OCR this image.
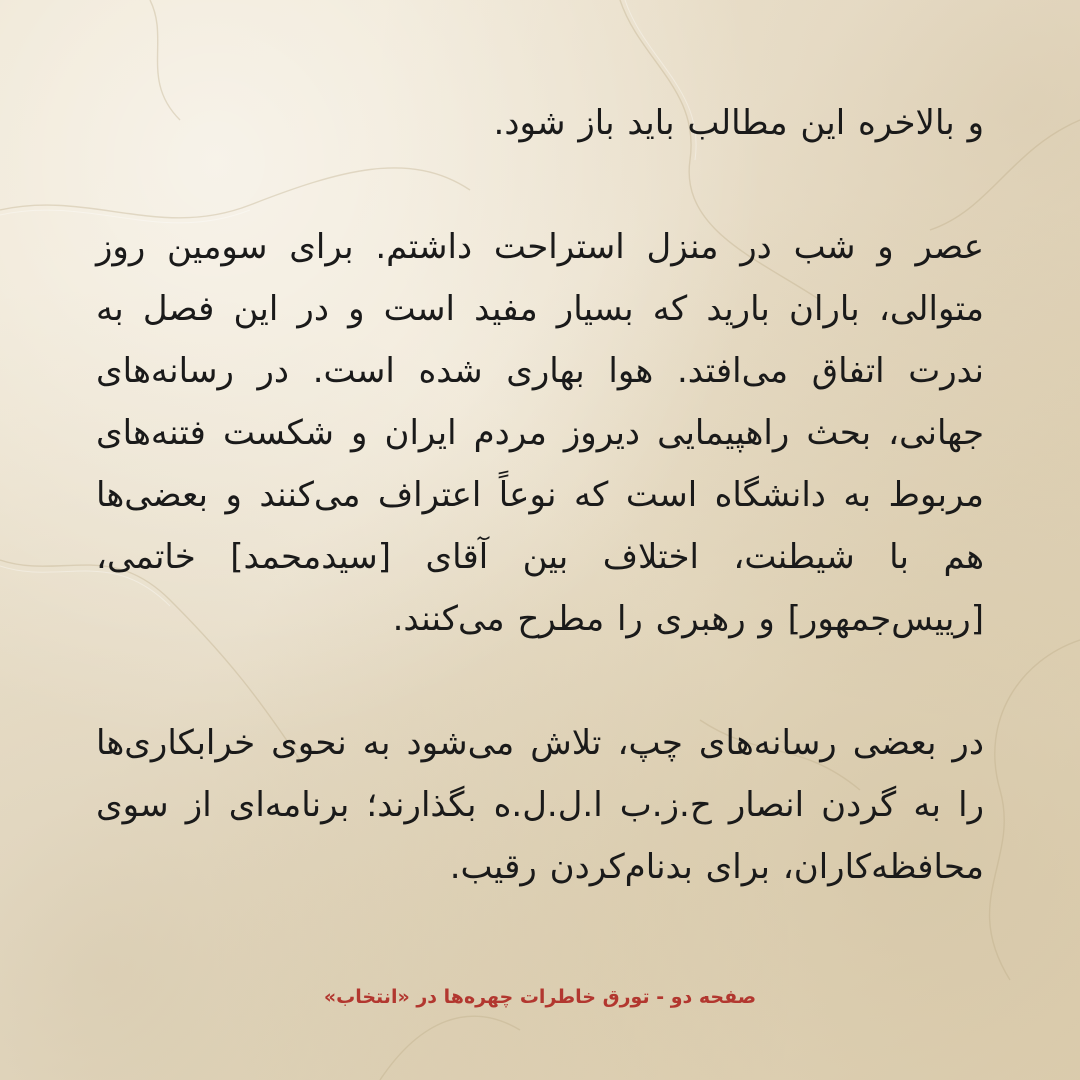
و بالاخره این مطالب باید باز شود.

عصر و شب در منزل استراحت داشتم. برای سومین روز متوالی، باران بارید که بسیار مفید است و در این فصل به ندرت اتفاق می‌افتد. هوا بهاری شده است. در رسانه‌های جهانی، بحث راهپیمایی دیروز مردم ایران و شکست فتنه‌های مربوط به دانشگاه است که نوعاً اعتراف می‌کنند و بعضی‌ها هم با شیطنت، اختلاف بین آقای [سیدمحمد] خاتمی، [رییس‌جمهور] و رهبری را مطرح می‌کنند.

در بعضی رسانه‌های چپ، تلاش می‌شود به نحوی خرابکاری‌ها را به گردن انصار ح.ز.ب ا.ل.ل.ه بگذارند؛ برنامه‌ای از سوی محافظه‌کاران، برای بدنام‌کردن رقیب.

صفحه دو - تورق خاطرات چهره‌ها در «انتخاب»
